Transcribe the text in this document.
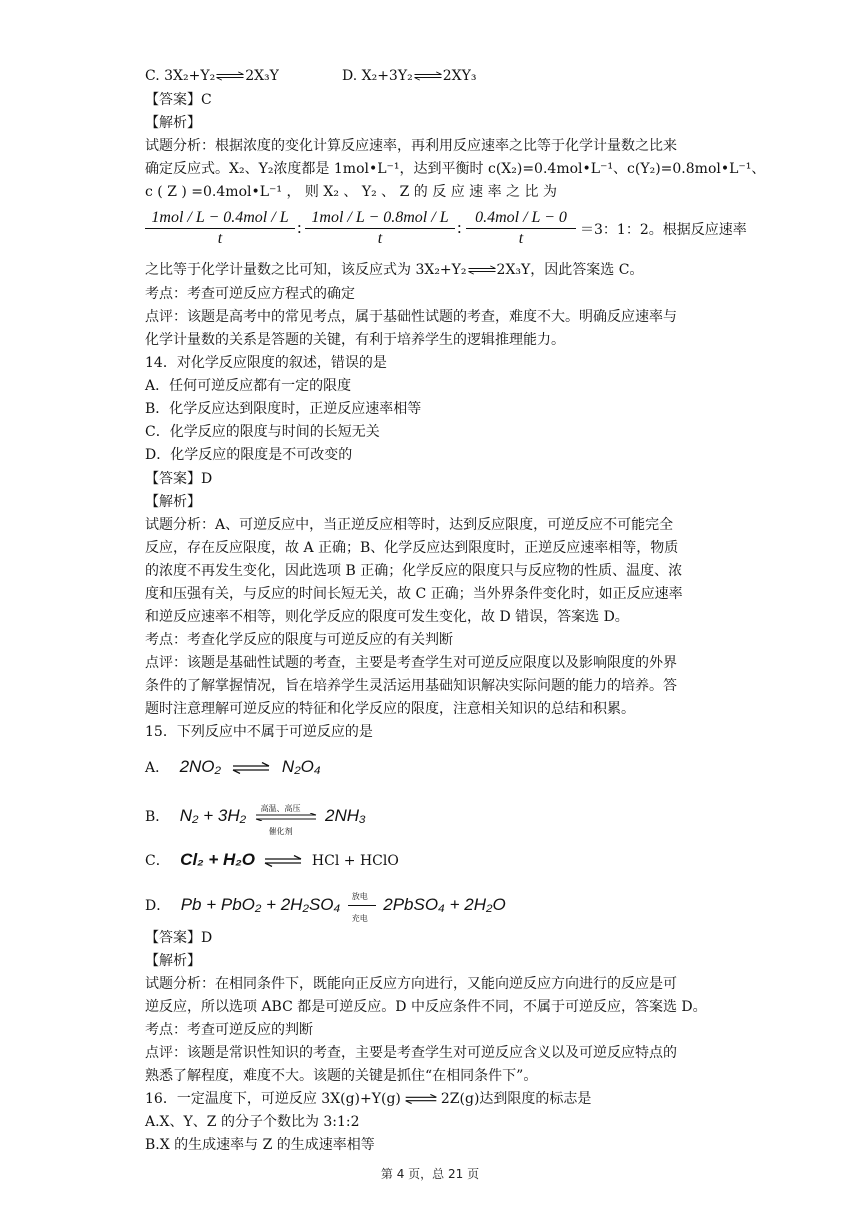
C. 3X₂+Y₂ 2X₃Y	D. X₂+3Y₂ 2XY₃
【答案】C
【解析】
试题分析：根据浓度的变化计算反应速率，再利用反应速率之比等于化学计量数之比来
确定反应式。X₂、Y₂浓度都是 1mol•L⁻¹，达到平衡时 c(X₂)=0.4mol•L⁻¹、c(Y₂)=0.8mol•L⁻¹、
c ( Z ) =0.4mol•L⁻¹ ， 则 X₂ 、 Y₂ 、 Z 的 反 应 速 率 之 比 为
1mol / L − 0.4mol / L
t
:
1mol / L − 0.8mol / L
t
:
0.4mol / L − 0
t	＝3：1：2。根据反应速率
之比等于化学计量数之比可知，该反应式为 3X₂+Y₂ 2X₃Y，因此答案选 C。
考点：考查可逆反应方程式的确定
点评：该题是高考中的常见考点，属于基础性试题的考查，难度不大。明确反应速率与
化学计量数的关系是答题的关键，有利于培养学生的逻辑推理能力。
14．对化学反应限度的叙述，错误的是
A．任何可逆反应都有一定的限度
B．化学反应达到限度时，正逆反应速率相等
C．化学反应的限度与时间的长短无关
D．化学反应的限度是不可改变的
【答案】D
【解析】
试题分析：A、可逆反应中，当正逆反应相等时，达到反应限度，可逆反应不可能完全
反应，存在反应限度，故 A 正确；B、化学反应达到限度时，正逆反应速率相等，物质
的浓度不再发生变化，因此选项 B 正确；化学反应的限度只与反应物的性质、温度、浓
度和压强有关，与反应的时间长短无关，故 C 正确；当外界条件变化时，如正反应速率
和逆反应速率不相等，则化学反应的限度可发生变化，故 D 错误，答案选 D。
考点：考查化学反应的限度与可逆反应的有关判断
点评：该题是基础性试题的考查，主要是考查学生对可逆反应限度以及影响限度的外界
条件的了解掌握情况，旨在培养学生灵活运用基础知识解决实际问题的能力的培养。答
题时注意理解可逆反应的特征和化学反应的限度，注意相关知识的总结和积累。
15．下列反应中不属于可逆反应的是
A． 2NO₂	N₂O₄
B． N₂ + 3H₂ 高温、高压
催化剂
2NH₃
C． Cl₂ + H₂O	HCl + HClO
D． Pb + PbO₂ + 2H₂SO₄ 放电
充电
2PbSO₄ + 2H₂O
【答案】D
【解析】
试题分析：在相同条件下，既能向正反应方向进行，又能向逆反应方向进行的反应是可
逆反应，所以选项 ABC 都是可逆反应。D 中反应条件不同，不属于可逆反应，答案选 D。
考点：考查可逆反应的判断
点评：该题是常识性知识的考查，主要是考查学生对可逆反应含义以及可逆反应特点的
熟悉了解程度，难度不大。该题的关键是抓住“在相同条件下”。
16．一定温度下，可逆反应 3X(g)+Y(g)	2Z(g)达到限度的标志是
A.X、Y、Z 的分子个数比为 3:1:2
B.X 的生成速率与 Z 的生成速率相等
第 4 页，总 21 页
